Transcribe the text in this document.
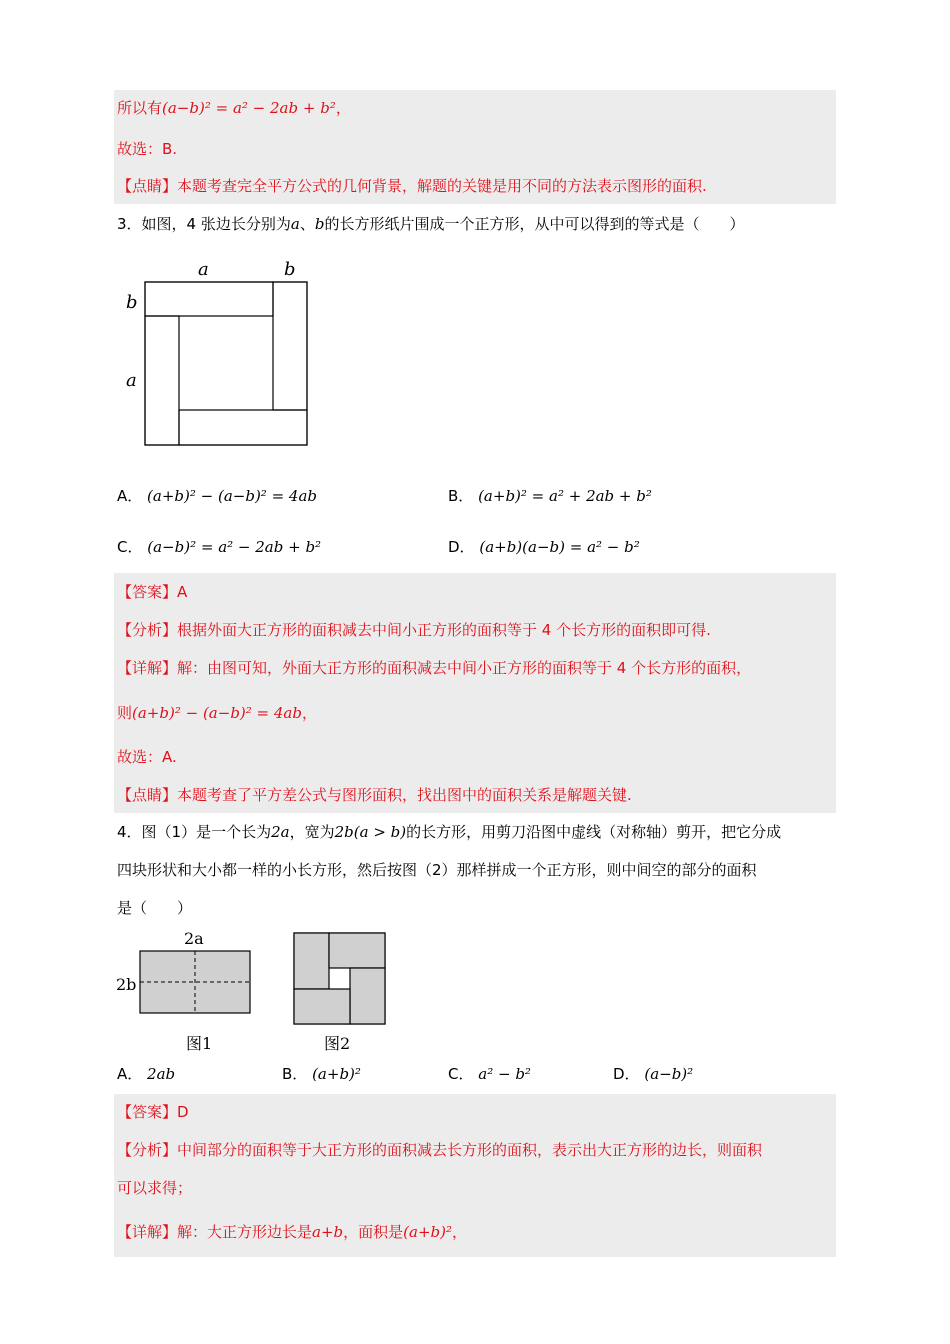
所以有(a−b)² = a² − 2ab + b²，
故选：B.
【点睛】本题考查完全平方公式的几何背景，解题的关键是用不同的方法表示图形的面积.
3．如图，4 张边长分别为a、b的长方形纸片围成一个正方形，从中可以得到的等式是（　　）
a	b
b
a
A． (a+b)² − (a−b)² = 4ab	B． (a+b)² = a² + 2ab + b²
C． (a−b)² = a² − 2ab + b²	D． (a+b)(a−b) = a² − b²
【答案】A
【分析】根据外面大正方形的面积减去中间小正方形的面积等于 4 个长方形的面积即可得.
【详解】解：由图可知，外面大正方形的面积减去中间小正方形的面积等于 4 个长方形的面积，
则(a+b)² − (a−b)² = 4ab，
故选：A.
【点睛】本题考查了平方差公式与图形面积，找出图中的面积关系是解题关键.
4．图（1）是一个长为2a，宽为2b(a > b)的长方形，用剪刀沿图中虚线（对称轴）剪开，把它分成
四块形状和大小都一样的小长方形，然后按图（2）那样拼成一个正方形，则中间空的部分的面积
是（　　）
2a
2b
图1	图2
A． 2ab	B． (a+b)²	C． a² − b²	D． (a−b)²
【答案】D
【分析】中间部分的面积等于大正方形的面积减去长方形的面积，表示出大正方形的边长，则面积
可以求得；
【详解】解：大正方形边长是a+b，面积是(a+b)²，
